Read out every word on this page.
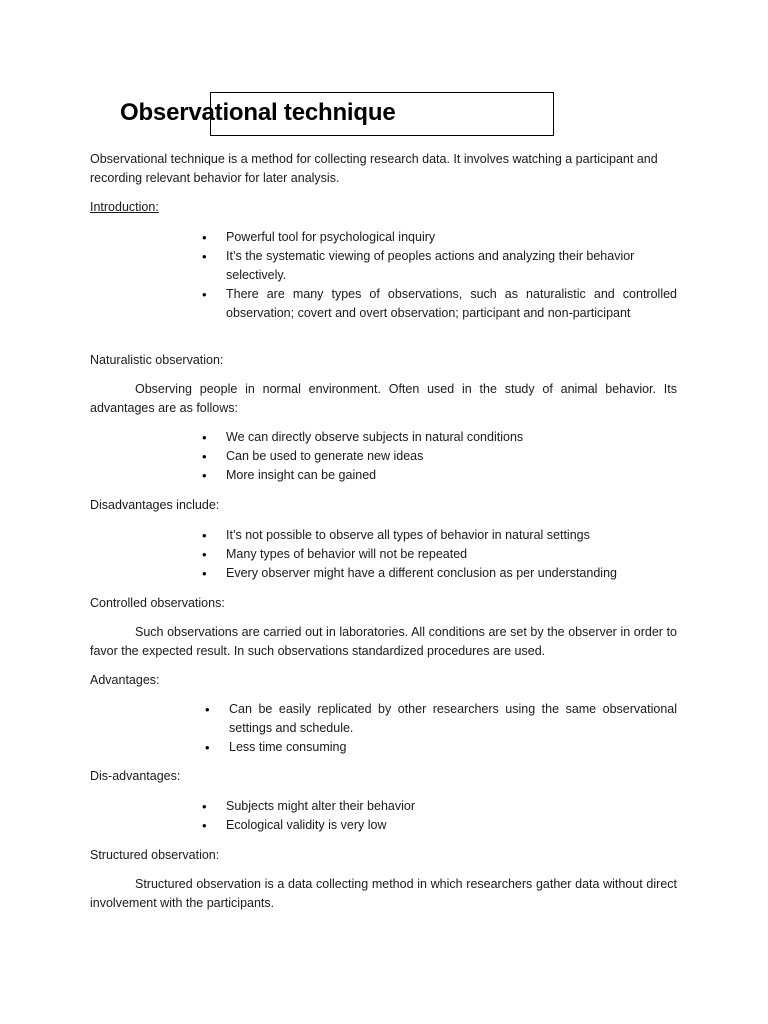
Observational technique

Observational technique is a method for collecting research data. It involves watching a participant and recording relevant behavior for later analysis.

Introduction:

• Powerful tool for psychological inquiry
• It’s the systematic viewing of peoples actions and analyzing their behavior selectively.
• There are many types of observations, such as naturalistic and controlled observation; covert and overt observation; participant and non-participant

Naturalistic observation:

Observing people in normal environment. Often used in the study of animal behavior. Its advantages are as follows:

• We can directly observe subjects in natural conditions
• Can be used to generate new ideas
• More insight can be gained

Disadvantages include:

• It’s not possible to observe all types of behavior in natural settings
• Many types of behavior will not be repeated
• Every observer might have a different conclusion as per understanding

Controlled observations:

Such observations are carried out in laboratories. All conditions are set by the observer in order to favor the expected result. In such observations standardized procedures are used.

Advantages:

• Can be easily replicated by other researchers using the same observational settings and schedule.
• Less time consuming

Dis-advantages:

• Subjects might alter their behavior
• Ecological validity is very low

Structured observation:

Structured observation is a data collecting method in which researchers gather data without direct involvement with the participants.
